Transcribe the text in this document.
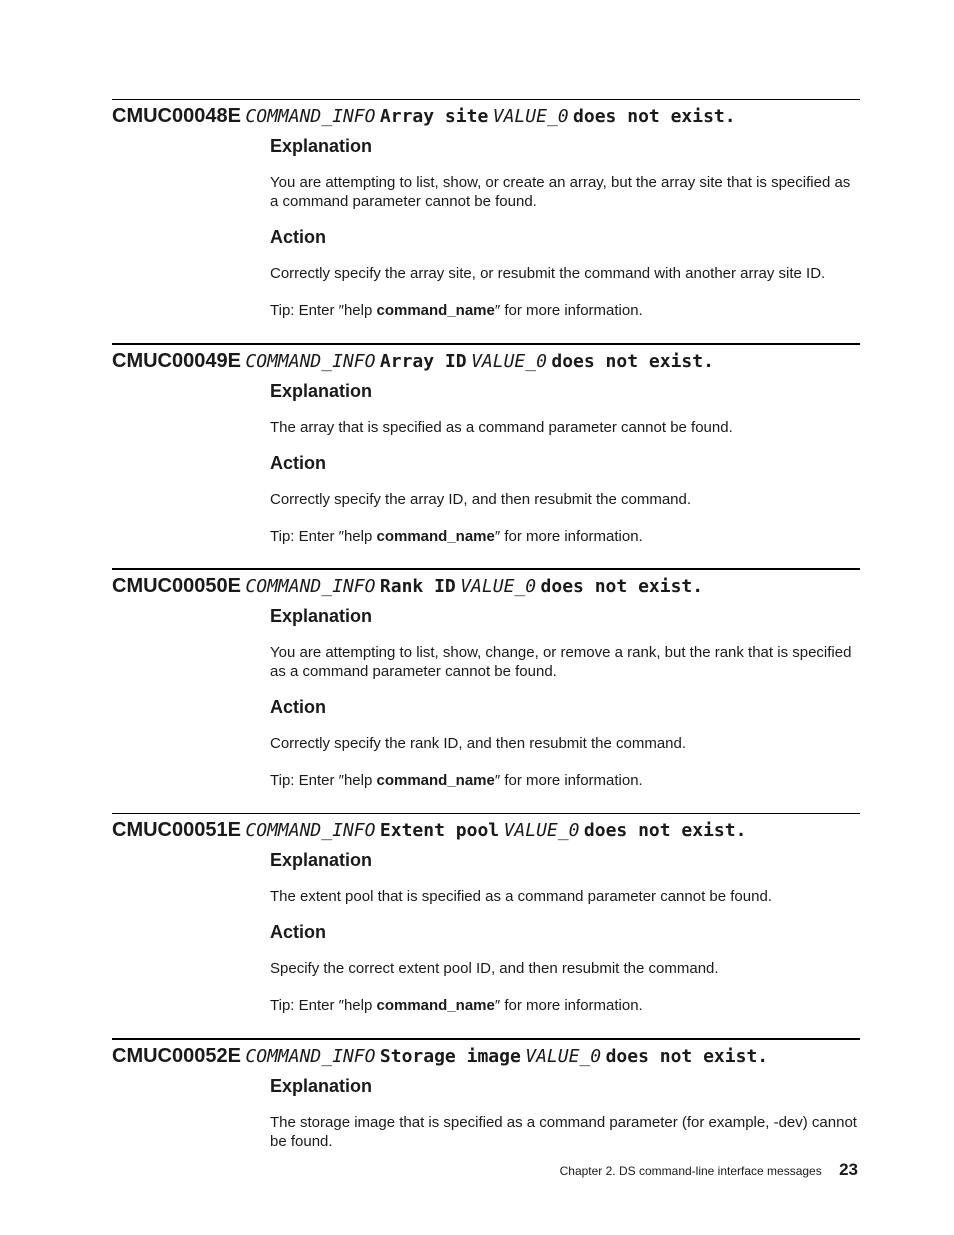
CMUC00048E COMMAND_INFO Array site VALUE_0 does not exist.
Explanation

You are attempting to list, show, or create an array, but the array site that is specified as a command parameter cannot be found.

Action

Correctly specify the array site, or resubmit the command with another array site ID.

Tip: Enter ″help command_name″ for more information.

CMUC00049E COMMAND_INFO Array ID VALUE_0 does not exist.
Explanation

The array that is specified as a command parameter cannot be found.

Action

Correctly specify the array ID, and then resubmit the command.

Tip: Enter ″help command_name″ for more information.

CMUC00050E COMMAND_INFO Rank ID VALUE_0 does not exist.
Explanation

You are attempting to list, show, change, or remove a rank, but the rank that is specified as a command parameter cannot be found.

Action

Correctly specify the rank ID, and then resubmit the command.

Tip: Enter ″help command_name″ for more information.

CMUC00051E COMMAND_INFO Extent pool VALUE_0 does not exist.
Explanation

The extent pool that is specified as a command parameter cannot be found.

Action

Specify the correct extent pool ID, and then resubmit the command.

Tip: Enter ″help command_name″ for more information.

CMUC00052E COMMAND_INFO Storage image VALUE_0 does not exist.
Explanation

The storage image that is specified as a command parameter (for example, -dev) cannot be found.

Chapter 2. DS command-line interface messages 23
